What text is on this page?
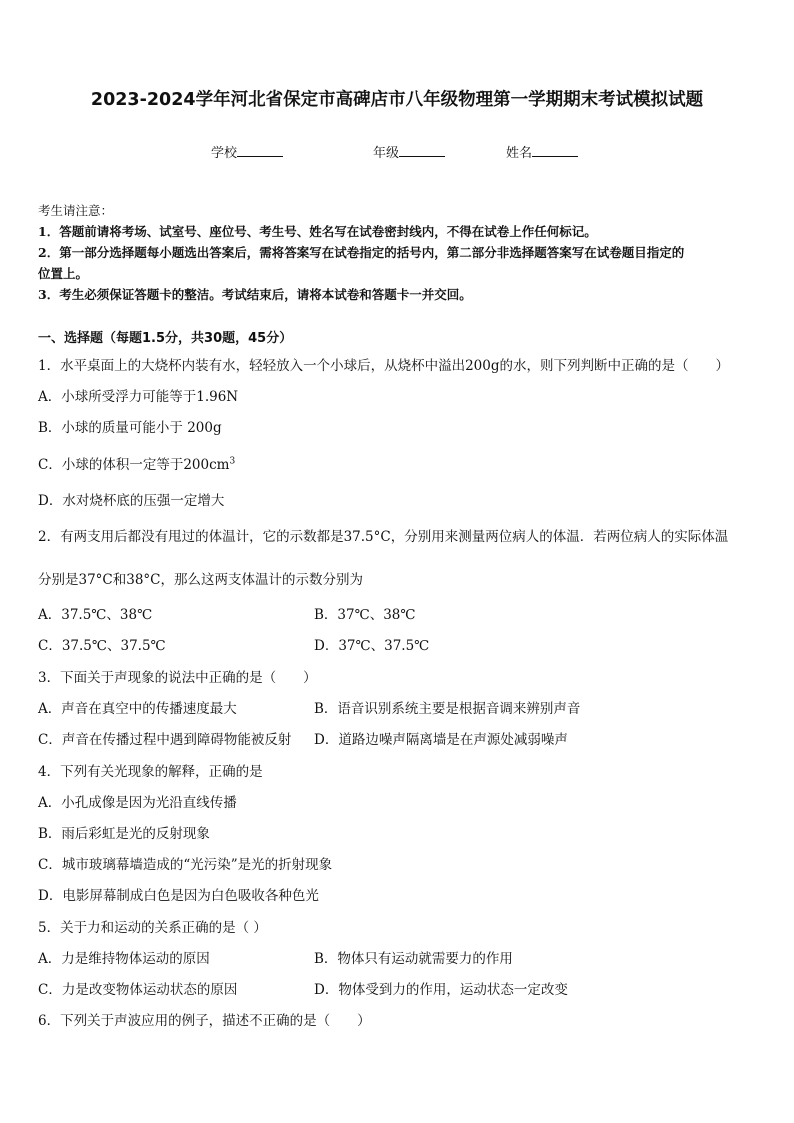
2023-2024学年河北省保定市高碑店市八年级物理第一学期期末考试模拟试题
学校	年级	姓名
考生请注意：
1．答题前请将考场、试室号、座位号、考生号、姓名写在试卷密封线内，不得在试卷上作任何标记。
2．第一部分选择题每小题选出答案后，需将答案写在试卷指定的括号内，第二部分非选择题答案写在试卷题目指定的
位置上。
3．考生必须保证答题卡的整洁。考试结束后，请将本试卷和答题卡一并交回。
一、选择题（每题1.5分，共30题，45分）
1．水平桌面上的大烧杯内装有水，轻轻放入一个小球后，从烧杯中溢出200g的水，则下列判断中正确的是（　　）
A．小球所受浮力可能等于1.96N
B．小球的质量可能小于 200g
C．小球的体积一定等于$200cm^3$
D．水对烧杯底的压强一定增大
2．有两支用后都没有甩过的体温计，它的示数都是37.5°C，分别用来测量两位病人的体温．若两位病人的实际体温
分别是37°C和38°C，那么这两支体温计的示数分别为
A．37.5℃、38℃	B．37℃、38℃
C．37.5℃、37.5℃	D．37℃、37.5℃
3．下面关于声现象的说法中正确的是（　　）
A．声音在真空中的传播速度最大	B．语音识别系统主要是根据音调来辨别声音
C．声音在传播过程中遇到障碍物能被反射 D．道路边噪声隔离墙是在声源处减弱噪声
4．下列有关光现象的解释，正确的是
A．小孔成像是因为光沿直线传播
B．雨后彩虹是光的反射现象
C．城市玻璃幕墙造成的“光污染”是光的折射现象
D．电影屏幕制成白色是因为白色吸收各种色光
5．关于力和运动的关系正确的是（ ）
A．力是维持物体运动的原因	B．物体只有运动就需要力的作用
C．力是改变物体运动状态的原因	D．物体受到力的作用，运动状态一定改变
6．下列关于声波应用的例子，描述不正确的是（　　）
